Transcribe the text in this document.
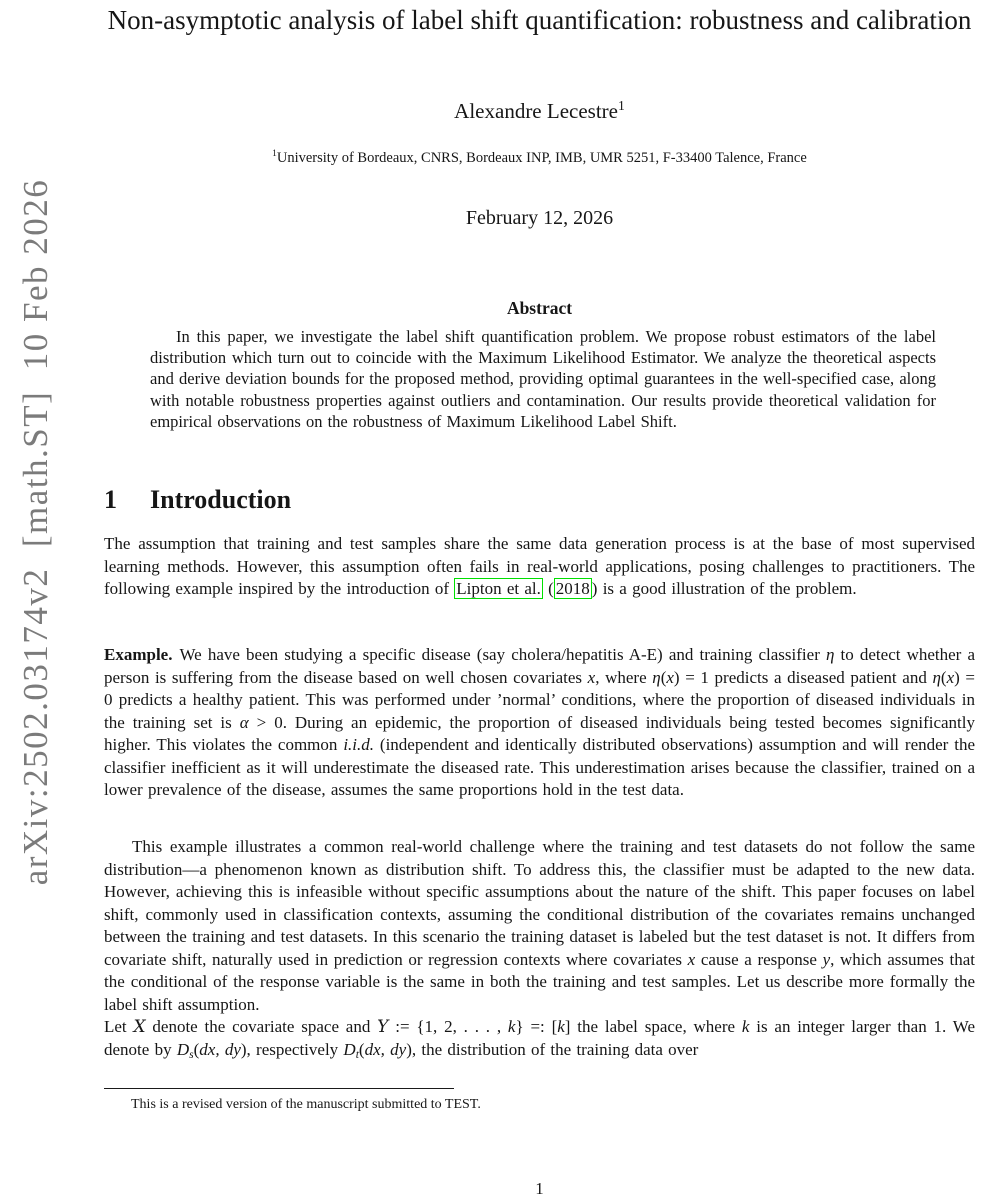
arXiv:2502.03174v2  [math.ST]  10 Feb 2026
Non-asymptotic analysis of label shift quantification: robustness and calibration
Alexandre Lecestre$^1$
$^1$University of Bordeaux, CNRS, Bordeaux INP, IMB, UMR 5251, F-33400 Talence, France
February 12, 2026
Abstract
In this paper, we investigate the label shift quantification problem. We propose robust estimators of the label distribution which turn out to coincide with the Maximum Likelihood Estimator. We analyze the theoretical aspects and derive deviation bounds for the proposed method, providing optimal guarantees in the well-specified case, along with notable robustness properties against outliers and contamination. Our results provide theoretical validation for empirical observations on the robustness of Maximum Likelihood Label Shift.
1 Introduction
The assumption that training and test samples share the same data generation process is at the base of most supervised learning methods. However, this assumption often fails in real-world applications, posing challenges to practitioners. The following example inspired by the introduction of Lipton et al. ( 2018 ) is a good illustration of the problem.
Example. We have been studying a specific disease (say cholera/hepatitis A-E) and training classifier η to detect whether a person is suffering from the disease based on well chosen covariates x, where η(x) = 1 predicts a diseased patient and η(x) = 0 predicts a healthy patient. This was performed under ’normal’ conditions, where the proportion of diseased individuals in the training set is α > 0. During an epidemic, the proportion of diseased individuals being tested becomes significantly higher. This violates the common i.i.d. (independent and identically distributed observations) assumption and will render the classifier inefficient as it will underestimate the diseased rate. This underestimation arises because the classifier, trained on a lower prevalence of the disease, assumes the same proportions hold in the test data.
This example illustrates a common real-world challenge where the training and test datasets do not follow the same distribution—a phenomenon known as distribution shift. To address this, the classifier must be adapted to the new data. However, achieving this is infeasible without specific assumptions about the nature of the shift. This paper focuses on label shift, commonly used in classification contexts, assuming the conditional distribution of the covariates remains unchanged between the training and test datasets. In this scenario the training dataset is labeled but the test dataset is not. It differs from covariate shift, naturally used in prediction or regression contexts where covariates x cause a response y, which assumes that the conditional of the response variable is the same in both the training and test samples. Let us describe more formally the label shift assumption.
Let X denote the covariate space and Y := {1, 2, . . . , k} =: [k] the label space, where k is an integer larger than 1. We denote by Ds(dx, dy), respectively Dt(dx, dy), the distribution of the training data over
This is a revised version of the manuscript submitted to TEST.
1
